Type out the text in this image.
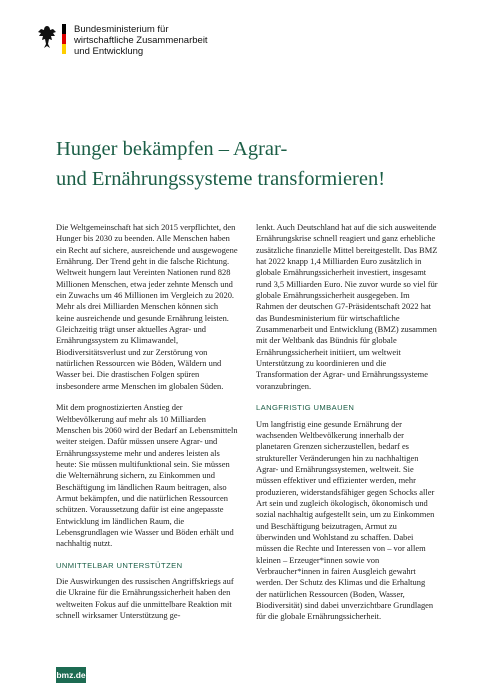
Bundesministerium für
wirtschaftliche Zusammenarbeit
und Entwicklung
Hunger bekämpfen – Agrar-
und Ernährungssysteme transformieren!

Die Weltgemeinschaft hat sich 2015 verpflichtet, den Hunger bis 2030 zu beenden. Alle Menschen haben ein Recht auf sichere, ausreichende und ausgewogene Ernährung. Der Trend geht in die falsche Richtung. Weltweit hungern laut Vereinten Nationen rund 828 Millionen Menschen, etwa jeder zehnte Mensch und ein Zuwachs um 46 Millionen im Vergleich zu 2020. Mehr als drei Milliarden Menschen können sich keine ausreichende und gesunde Ernährung leisten. Gleichzeitig trägt unser aktuelles Agrar- und Ernährungssystem zu Klimawandel, Biodiversitätsverlust und zur Zerstörung von natürlichen Ressourcen wie Böden, Wäldern und Wasser bei. Die drastischen Folgen spüren insbesondere arme Menschen im globalen Süden.

Mit dem prognostizierten Anstieg der Weltbevölkerung auf mehr als 10 Milliarden Menschen bis 2060 wird der Bedarf an Lebensmitteln weiter steigen. Dafür müssen unsere Agrar- und Ernährungssysteme mehr und anderes leisten als heute: Sie müssen multifunktional sein. Sie müssen die Welternährung sichern, zu Einkommen und Beschäftigung im ländlichen Raum beitragen, also Armut bekämpfen, und die natürlichen Ressourcen schützen. Voraussetzung dafür ist eine angepasste Entwicklung im ländlichen Raum, die Lebensgrundlagen wie Wasser und Böden erhält und nachhaltig nutzt.

UNMITTELBAR UNTERSTÜTZEN

Die Auswirkungen des russischen Angriffskriegs auf die Ukraine für die Ernährungssicherheit haben den weltweiten Fokus auf die unmittelbare Reaktion mit schnell wirksamer Unterstützung ge-

lenkt. Auch Deutschland hat auf die sich ausweitende Ernährungskrise schnell reagiert und ganz erhebliche zusätzliche finanzielle Mittel bereitgestellt. Das BMZ hat 2022 knapp 1,4 Milliarden Euro zusätzlich in globale Ernährungssicherheit investiert, insgesamt rund 3,5 Milliarden Euro. Nie zuvor wurde so viel für globale Ernährungssicherheit ausgegeben. Im Rahmen der deutschen G7-Präsidentschaft 2022 hat das Bundesministerium für wirtschaftliche Zusammenarbeit und Entwicklung (BMZ) zusammen mit der Weltbank das Bündnis für globale Ernährungssicherheit initiiert, um weltweit Unterstützung zu koordinieren und die Transformation der Agrar- und Ernährungssysteme voranzubringen.

LANGFRISTIG UMBAUEN

Um langfristig eine gesunde Ernährung der wachsenden Weltbevölkerung innerhalb der planetaren Grenzen sicherzustellen, bedarf es struktureller Veränderungen hin zu nachhaltigen Agrar- und Ernährungssystemen, weltweit. Sie müssen effektiver und effizienter werden, mehr produzieren, widerstandsfähiger gegen Schocks aller Art sein und zugleich ökologisch, ökonomisch und sozial nachhaltig aufgestellt sein, um zu Einkommen und Beschäftigung beizutragen, Armut zu überwinden und Wohlstand zu schaffen. Dabei müssen die Rechte und Interessen von – vor allem kleinen – Erzeuger*innen sowie von Verbraucher*innen in fairen Ausgleich gewahrt werden. Der Schutz des Klimas und die Erhaltung der natürlichen Ressourcen (Boden, Wasser, Biodiversität) sind dabei unverzichtbare Grundlagen für die globale Ernährungssicherheit.

bmz.de
